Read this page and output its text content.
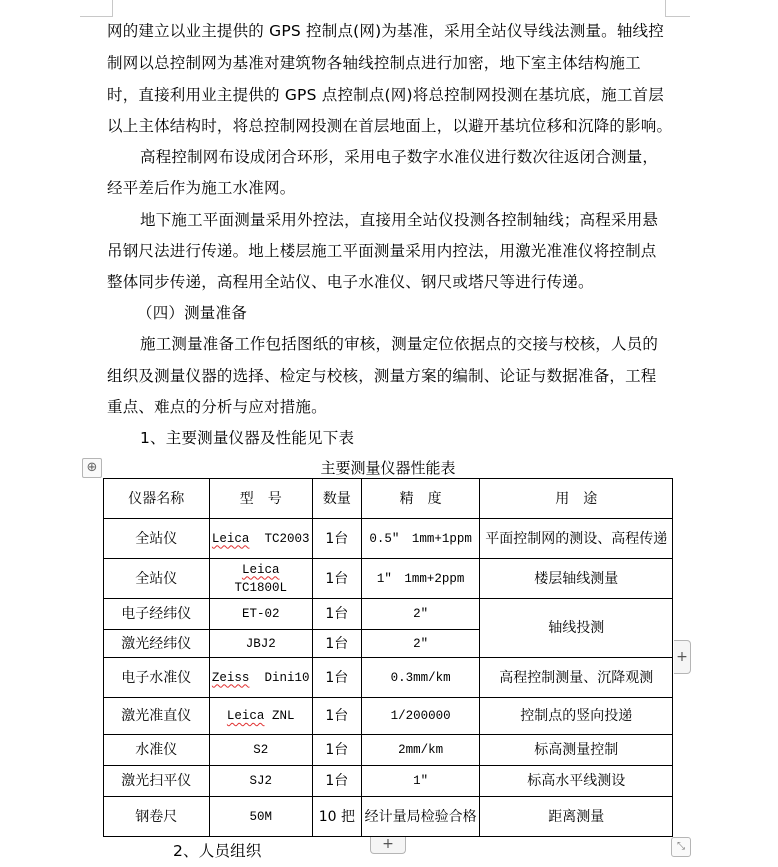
网的建立以业主提供的 GPS 控制点(网)为基准，采用全站仪导线法测量。轴线控
制网以总控制网为基准对建筑物各轴线控制点进行加密，地下室主体结构施工
时，直接利用业主提供的 GPS 点控制点(网)将总控制网投测在基坑底，施工首层
以上主体结构时，将总控制网投测在首层地面上，以避开基坑位移和沉降的影响。
高程控制网布设成闭合环形，采用电子数字水准仪进行数次往返闭合测量，
经平差后作为施工水准网。
地下施工平面测量采用外控法，直接用全站仪投测各控制轴线；高程采用悬
吊钢尺法进行传递。地上楼层施工平面测量采用内控法，用激光准准仪将控制点
整体同步传递，高程用全站仪、电子水准仪、钢尺或塔尺等进行传递。
（四）测量准备
施工测量准备工作包括图纸的审核，测量定位依据点的交接与校核，人员的
组织及测量仪器的选择、检定与校核，测量方案的编制、论证与数据准备，工程
重点、难点的分析与应对措施。
1、主要测量仪器及性能见下表
⊕	主要测量仪器性能表
仪器名称	型　号	数量	精　度	用　途
全站仪	Leica TC2003	1台	0.5″　1mm+1ppm	平面控制网的测设、高程传递
全站仪	Leica
TC1800L	1台	1″　1mm+2ppm	楼层轴线测量
电子经纬仪	ET-02	1台	2″	轴线投测
激光经纬仪	JBJ2	1台	2″	
电子水准仪	Zeiss Dini10	1台	0.3mm/km	高程控制测量、沉降观测
激光准直仪	Leica ZNL	1台	1/200000	控制点的竖向投递
水准仪	S2	1台	2mm/km	标高测量控制
激光扫平仪	SJ2	1台	1″	标高水平线测设
钢卷尺	50M	10 把	经计量局检验合格	距离测量
+
+	⤡
2、人员组织
